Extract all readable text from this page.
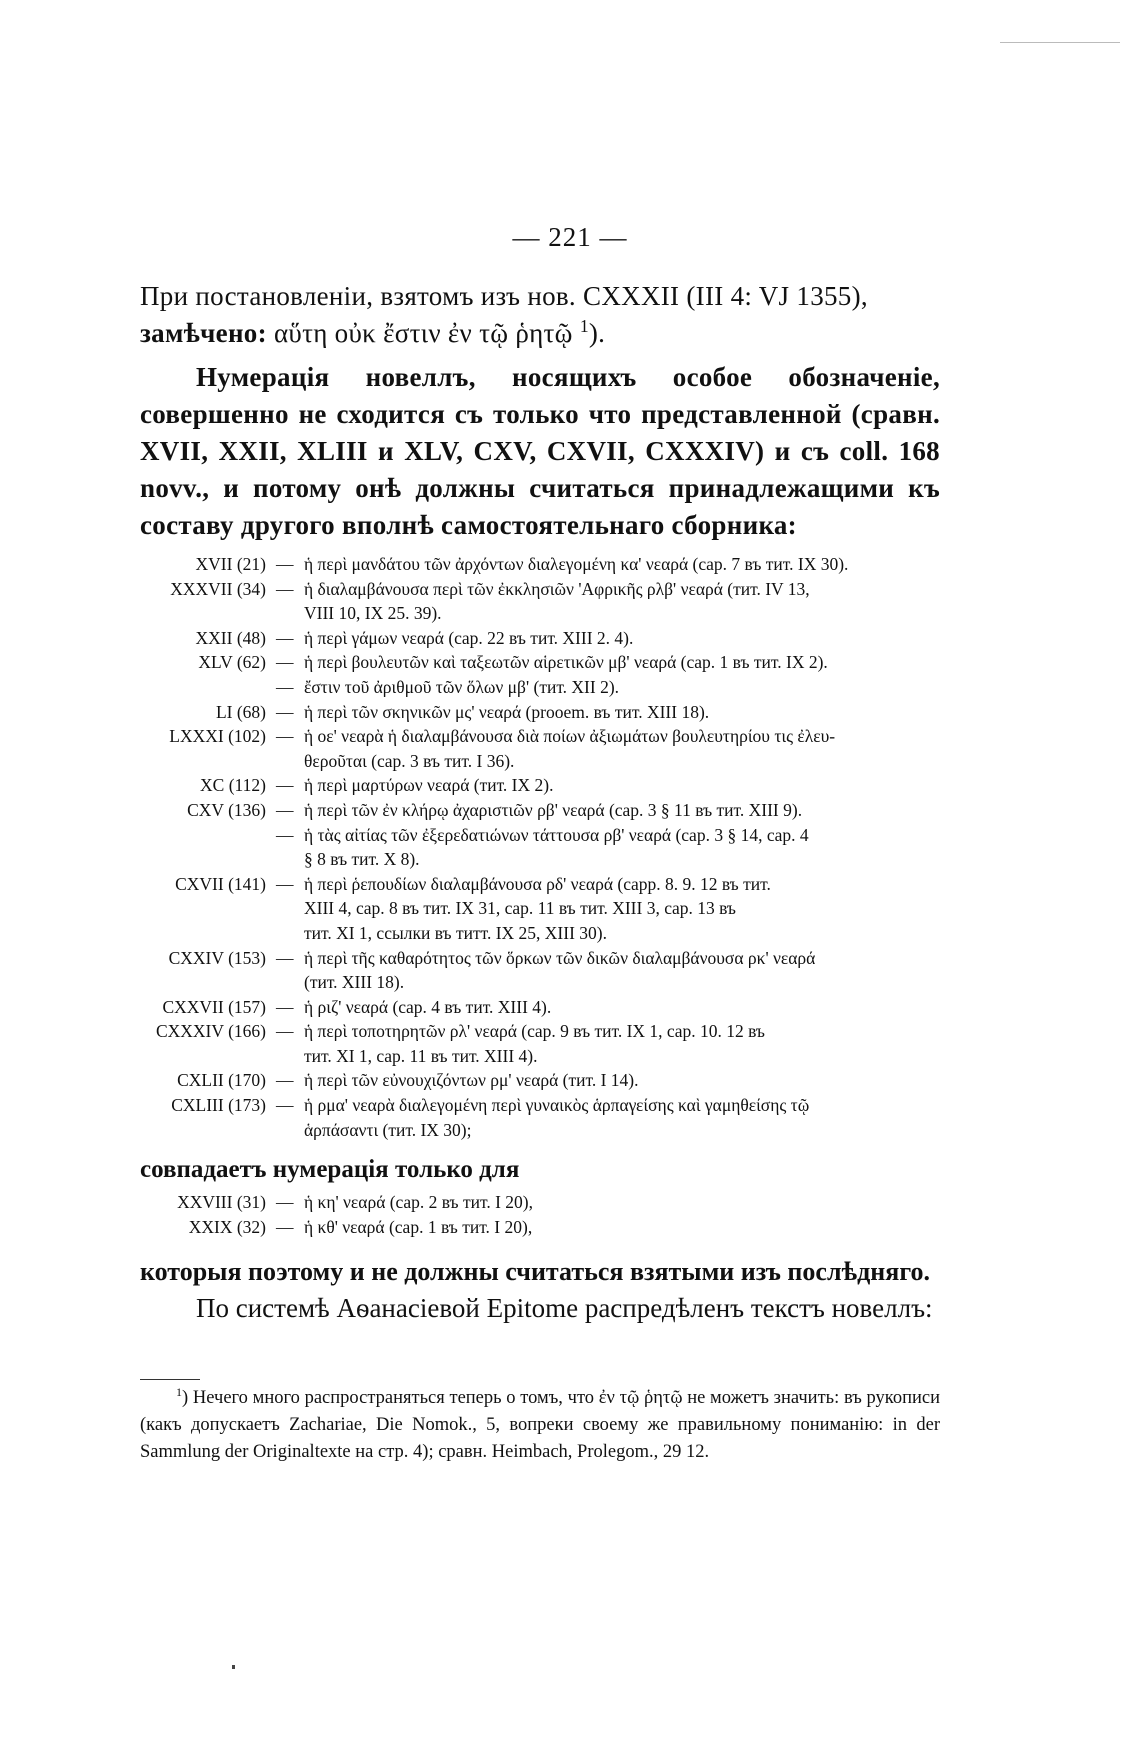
— 221 —
При постановленіи, взятомъ изъ нов. CXXXII (III 4: VJ 1355),
замѣчено: αὕτη οὐκ ἔστιν ἐν τῷ ῥητῷ $^1$).
Нумерація новеллъ, носящихъ особое обозначеніе, совершенно не сходится съ только что представленной (сравн. XVII, XXII, XLIII и XLV, CXV, CXVII, CXXXIV) и съ coll. 168 novv., и потому онѣ должны считаться принадлежащими къ составу другого вполнѣ самостоятельнаго сборника:
XVII (21) — ἡ περὶ μανδάτου τῶν ἀρχόντων διαλεγομένη κα' νεαρά (cap. 7 въ тит. IX 30).
XXXVII (34) — ἡ διαλαμβάνουσα περὶ τῶν ἐκκλησιῶν 'Αφρικῆς ρλβ' νεαρά (тит. IV 13,
VIII 10, IX 25. 39).
XXII (48) — ἡ περὶ γάμων νεαρά (cap. 22 въ тит. XIII 2. 4).
XLV (62) — ἡ περὶ βουλευτῶν καὶ ταξεωτῶν αἱρετικῶν μβ' νεαρά (cap. 1 въ тит. IX 2).
— ἔστιν τοῦ ἀριθμοῦ τῶν ὅλων μβ' (тит. XII 2).
LI (68) — ἡ περὶ τῶν σκηνικῶν μς' νεαρά (prooem. въ тит. XIII 18).
LXXXI (102) — ἡ οε' νεαρὰ ἡ διαλαμβάνουσα διὰ ποίων ἀξιωμάτων βουλευτηρίου τις ἐλευ-
θεροῦται (cap. 3 въ тит. I 36).
XC (112) — ἡ περὶ μαρτύρων νεαρά (тит. IX 2).
CXV (136) — ἡ περὶ τῶν ἐν κλήρῳ ἀχαριστιῶν ρβ' νεαρά (cap. 3 § 11 въ тит. XIII 9).
— ἡ τὰς αἰτίας τῶν ἐξερεδατιώνων τάττουσα ρβ' νεαρά (cap. 3 § 14, cap. 4
§ 8 въ тит. X 8).
CXVII (141) — ἡ περὶ ῥεπουδίων διαλαμβάνουσα ρδ' νεαρά (capp. 8. 9. 12 въ тит.
XIII 4, cap. 8 въ тит. IX 31, cap. 11 въ тит. XIII 3, cap. 13 въ
тит. XI 1, ссылки въ титт. IX 25, XIII 30).
CXXIV (153) — ἡ περὶ τῆς καθαρότητος τῶν ὅρκων τῶν δικῶν διαλαμβάνουσα ρκ' νεαρά
(тит. XIII 18).
CXXVII (157) — ἡ ριζ' νεαρά (cap. 4 въ тит. XIII 4).
CXXXIV (166) — ἡ περὶ τοποτηρητῶν ρλ' νεαρά (cap. 9 въ тит. IX 1, cap. 10. 12 въ
тит. XI 1, cap. 11 въ тит. XIII 4).
CXLII (170) — ἡ περὶ τῶν εὐνουχιζόντων ρμ' νεαρά (тит. I 14).
CXLIII (173) — ἡ ρμα' νεαρὰ διαλεγομένη περὶ γυναικὸς ἁρπαγείσης καὶ γαμηθείσης τῷ
ἁρπάσαντι (тит. IX 30);
совпадаетъ нумерація только для
XXVIII (31) — ἡ κη' νεαρά (cap. 2 въ тит. I 20),
XXIX (32) — ἡ κθ' νεαρά (cap. 1 въ тит. I 20),
которыя поэтому и не должны считаться взятыми изъ послѣдняго.
По системѣ Аѳанасіевой Epitome распредѣленъ текстъ новеллъ:
$^1$) Нечего много распространяться теперь о томъ, что ἐν τῷ ῥητῷ не можетъ значить: въ рукописи (какъ допускаетъ Zachariae, Die Nomok., 5, вопреки своему же правильному пониманію: in der Sammlung der Originaltexte на стр. 4); сравн. Heimbach, Prolegom., 29 12.
